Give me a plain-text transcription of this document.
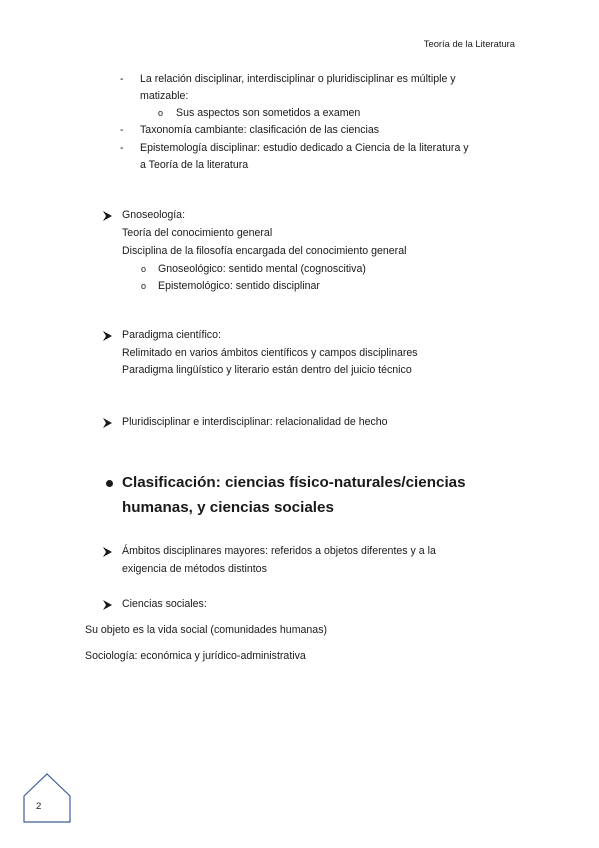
Teoría de la Literatura
- La relación disciplinar, interdisciplinar o pluridisciplinar es múltiple y
matizable:
o Sus aspectos son sometidos a examen
- Taxonomía cambiante: clasificación de las ciencias
- Epistemología disciplinar: estudio dedicado a Ciencia de la literatura y
a Teoría de la literatura
Gnoseología:
Teoría del conocimiento general
Disciplina de la filosofía encargada del conocimiento general
o Gnoseológico: sentido mental (cognoscitiva)
o Epistemológico: sentido disciplinar
Paradigma científico:
Relimitado en varios ámbitos científicos y campos disciplinares
Paradigma lingüístico y literario están dentro del juicio técnico
Pluridisciplinar e interdisciplinar: relacionalidad de hecho
Clasificación: ciencias físico-naturales/ciencias
humanas, y ciencias sociales
Ámbitos disciplinares mayores: referidos a objetos diferentes y a la
exigencia de métodos distintos
Ciencias sociales:
Su objeto es la vida social (comunidades humanas)
Sociología: económica y jurídico-administrativa
2
